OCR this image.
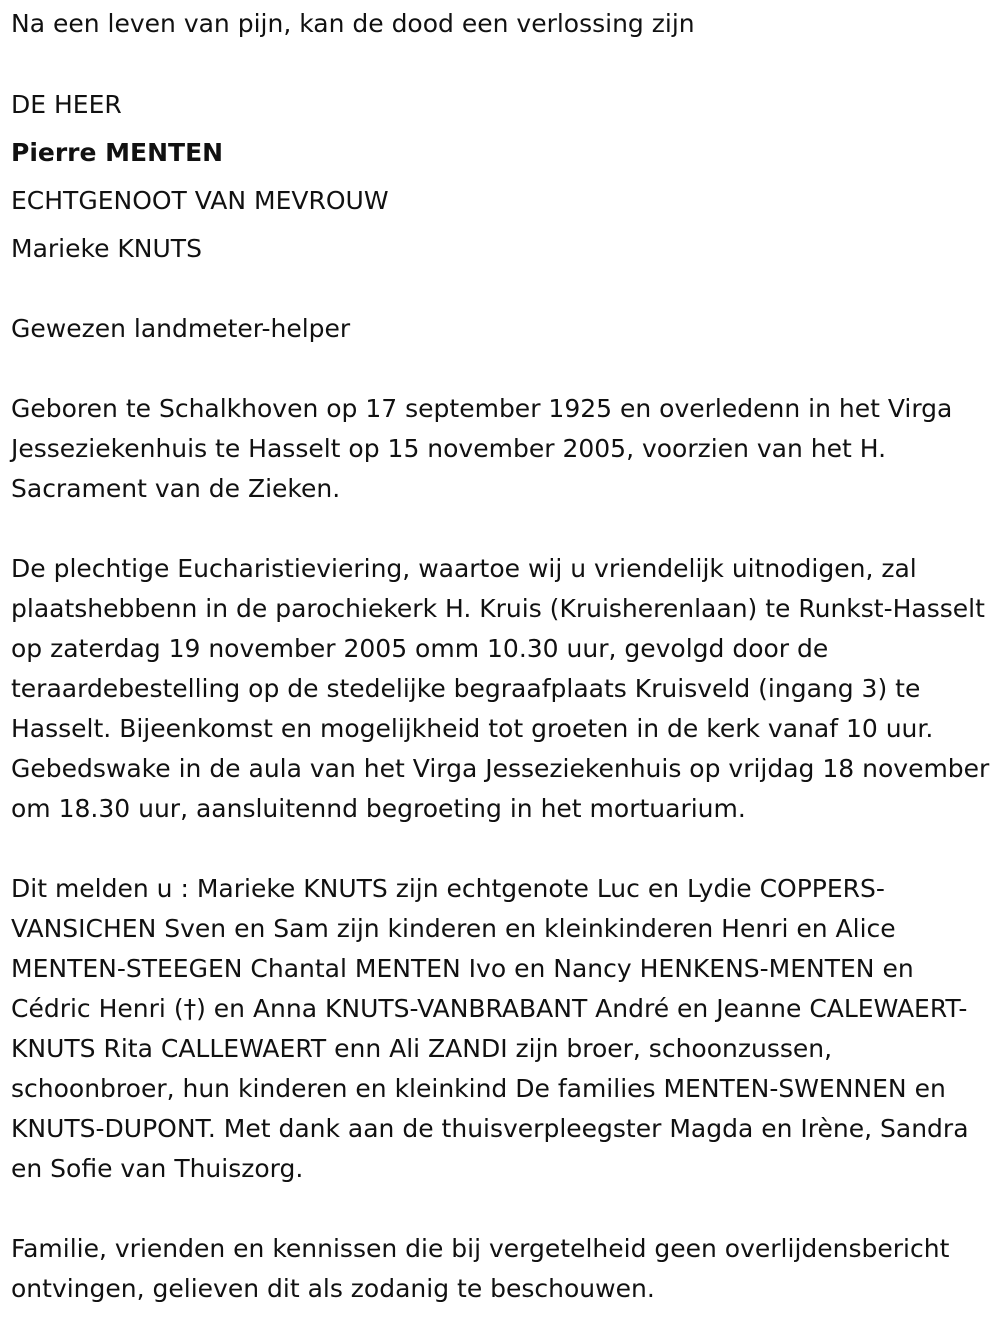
Na een leven van pijn, kan de dood een verlossing zijn

DE HEER

Pierre MENTEN

ECHTGENOOT VAN MEVROUW

Marieke KNUTS

Gewezen landmeter-helper

Geboren te Schalkhoven op 17 september 1925 en overledenn in het Virga Jesseziekenhuis te Hasselt op 15 november 2005, voorzien van het H. Sacrament van de Zieken.

De plechtige Eucharistieviering, waartoe wij u vriendelijk uitnodigen, zal plaatshebbenn in de parochiekerk H. Kruis (Kruisherenlaan) te Runkst-Hasselt op zaterdag 19 november 2005 omm 10.30 uur, gevolgd door de teraardebestelling op de stedelijke begraafplaats Kruisveld (ingang 3) te Hasselt. Bijeenkomst en mogelijkheid tot groeten in de kerk vanaf 10 uur. Gebedswake in de aula van het Virga Jesseziekenhuis op vrijdag 18 november om 18.30 uur, aansluitennd begroeting in het mortuarium.

Dit melden u : Marieke KNUTS zijn echtgenote Luc en Lydie COPPERS-VANSICHEN Sven en Sam zijn kinderen en kleinkinderen Henri en Alice MENTEN-STEEGEN Chantal MENTEN Ivo en Nancy HENKENS-MENTEN en Cédric Henri (†) en Anna KNUTS-VANBRABANT André en Jeanne CALEWAERT-KNUTS Rita CALLEWAERT enn Ali ZANDI zijn broer, schoonzussen, schoonbroer, hun kinderen en kleinkind De families MENTEN-SWENNEN en KNUTS-DUPONT. Met dank aan de thuisverpleegster Magda en Irène, Sandra en Sofie van Thuiszorg.

Familie, vrienden en kennissen die bij vergetelheid geen overlijdensbericht ontvingen, gelieven dit als zodanig te beschouwen.
